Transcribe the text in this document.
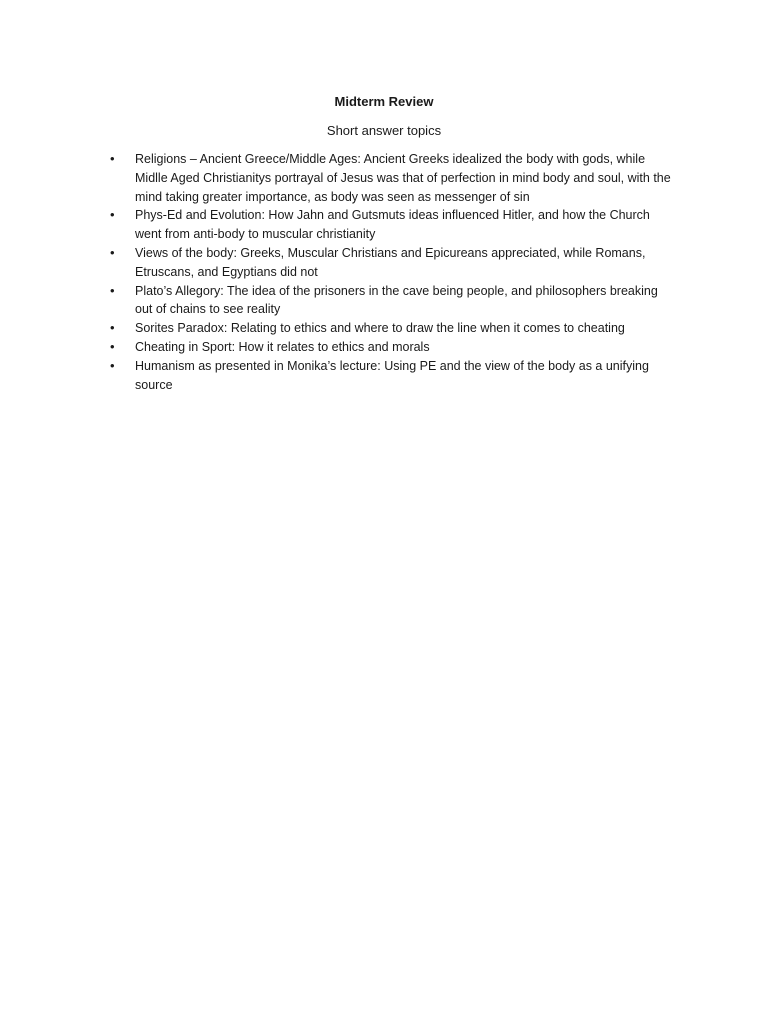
Midterm Review
Short answer topics
• Religions – Ancient Greece/Middle Ages: Ancient Greeks idealized the body with gods, while Midlle Aged Christianitys portrayal of Jesus was that of perfection in mind body and soul, with the mind taking greater importance, as body was seen as messenger of sin
• Phys-Ed and Evolution: How Jahn and Gutsmuts ideas influenced Hitler, and how the Church went from anti-body to muscular christianity
• Views of the body: Greeks, Muscular Christians and Epicureans appreciated, while Romans, Etruscans, and Egyptians did not
• Plato’s Allegory: The idea of the prisoners in the cave being people, and philosophers breaking out of chains to see reality
• Sorites Paradox: Relating to ethics and where to draw the line when it comes to cheating
• Cheating in Sport: How it relates to ethics and morals
• Humanism as presented in Monika’s lecture: Using PE and the view of the body as a unifying source
